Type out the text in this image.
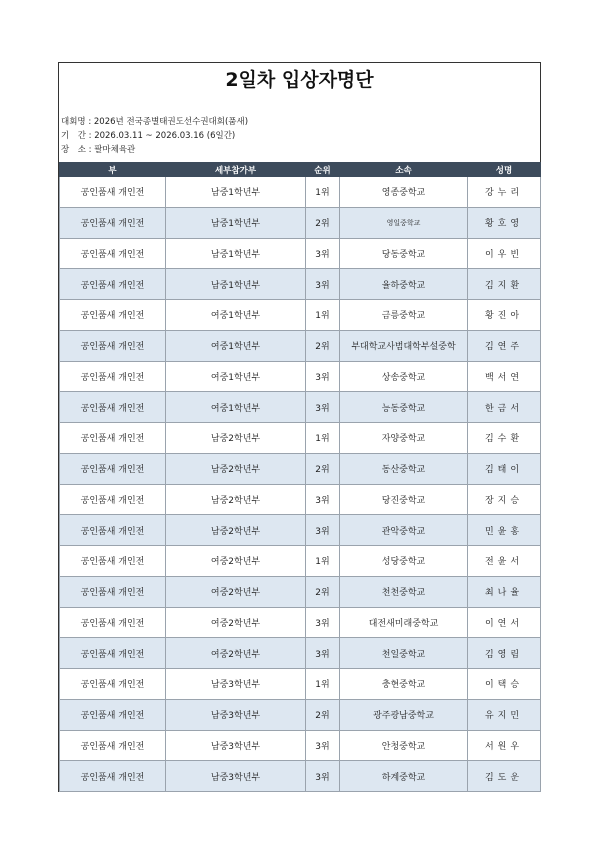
2일차 입상자명단
대회명 : 2026년 전국종별태권도선수권대회(품새)
기　간 : 2026.03.11 ~ 2026.03.16 (6일간)
장　소 : 팔마체육관
부	세부참가부	순위	소속	성명
공인품새 개인전	남중1학년부	1위	영종중학교	강누리
공인품새 개인전	남중1학년부	2위	영일중학교	황호영
공인품새 개인전	남중1학년부	3위	당동중학교	이우빈
공인품새 개인전	남중1학년부	3위	율하중학교	김지환
공인품새 개인전	여중1학년부	1위	금릉중학교	황진아
공인품새 개인전	여중1학년부	2위	부대학교사범대학부설중학	김연주
공인품새 개인전	여중1학년부	3위	상송중학교	백서연
공인품새 개인전	여중1학년부	3위	능동중학교	한금서
공인품새 개인전	남중2학년부	1위	자양중학교	김수환
공인품새 개인전	남중2학년부	2위	동산중학교	김태이
공인품새 개인전	남중2학년부	3위	당진중학교	장지승
공인품새 개인전	남중2학년부	3위	관악중학교	민윤홍
공인품새 개인전	여중2학년부	1위	성당중학교	전윤서
공인품새 개인전	여중2학년부	2위	천천중학교	최나율
공인품새 개인전	여중2학년부	3위	대전새미래중학교	이연서
공인품새 개인전	여중2학년부	3위	천일중학교	김영림
공인품새 개인전	남중3학년부	1위	충현중학교	이택승
공인품새 개인전	남중3학년부	2위	광주광남중학교	유지민
공인품새 개인전	남중3학년부	3위	안청중학교	서원우
공인품새 개인전	남중3학년부	3위	하계중학교	김도운
